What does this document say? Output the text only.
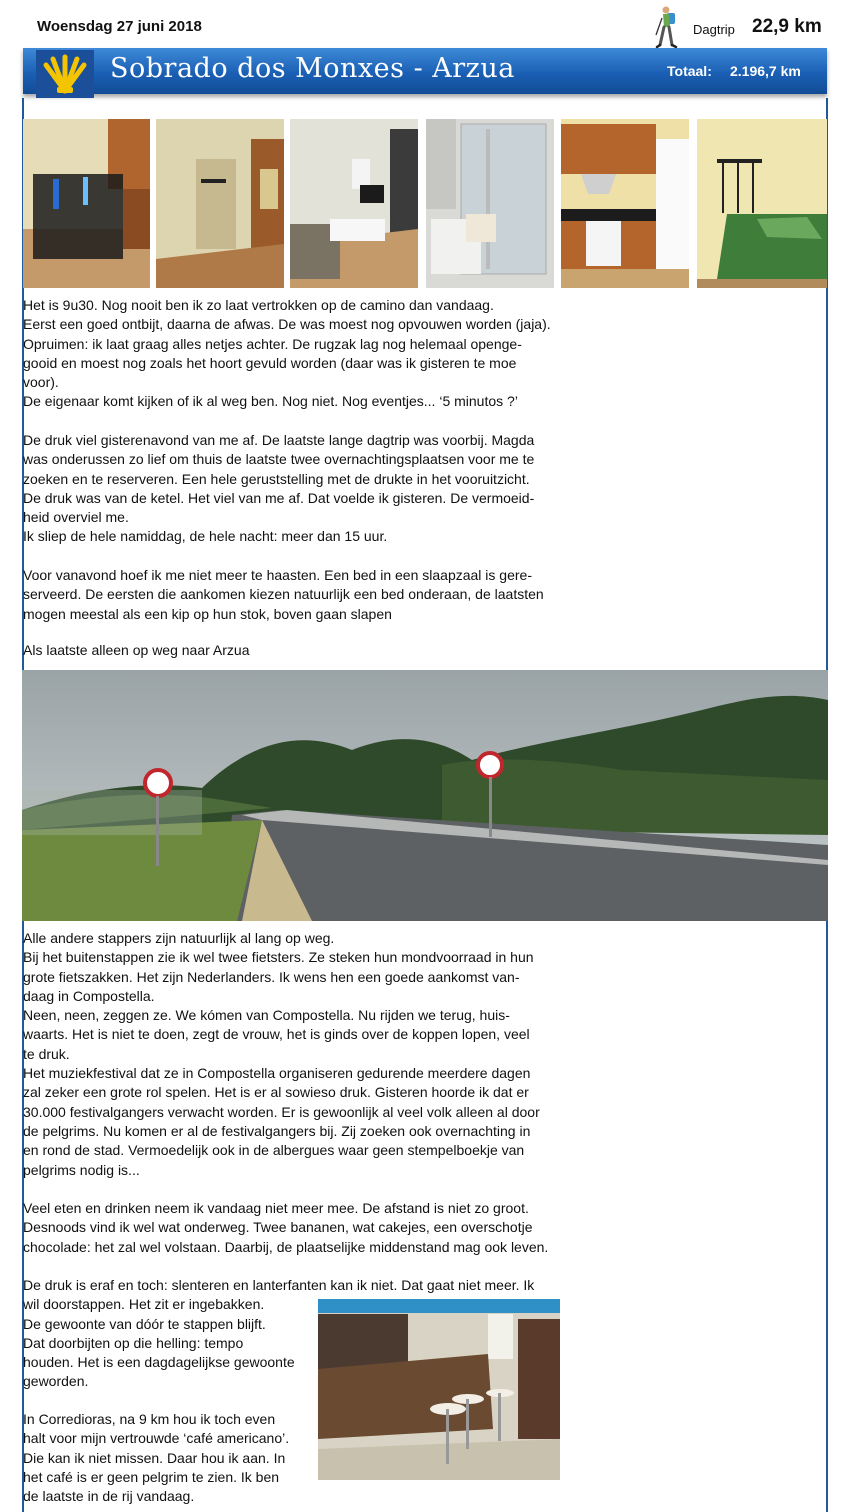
Woensdag 27 juni 2018	Dagtrip 22,9 km
Sobrado dos Monxes - Arzua	Totaal: 2.196,7 km
Het is 9u30. Nog nooit ben ik zo laat vertrokken op de camino dan vandaag.
Eerst een goed ontbijt, daarna de afwas. De was moest nog opvouwen worden (jaja).
Opruimen: ik laat graag alles netjes achter. De rugzak lag nog helemaal openge-
gooid en moest nog zoals het hoort gevuld worden (daar was ik gisteren te moe
voor).
De eigenaar komt kijken of ik al weg ben. Nog niet. Nog eventjes... ‘5 minutos ?’
De druk viel gisterenavond van me af. De laatste lange dagtrip was voorbij. Magda
was onderussen zo lief om thuis de laatste twee overnachtingsplaatsen voor me te
zoeken en te reserveren. Een hele geruststelling met de drukte in het vooruitzicht.
De druk was van de ketel. Het viel van me af. Dat voelde ik gisteren. De vermoeid-
heid overviel me.
Ik sliep de hele namiddag, de hele nacht: meer dan 15 uur.
Voor vanavond hoef ik me niet meer te haasten. Een bed in een slaapzaal is gere-
serveerd. De eersten die aankomen kiezen natuurlijk een bed onderaan, de laatsten
mogen meestal als een kip op hun stok, boven gaan slapen
Als laatste alleen op weg naar Arzua
Alle andere stappers zijn natuurlijk al lang op weg.
Bij het buitenstappen zie ik wel twee fietsters. Ze steken hun mondvoorraad in hun
grote fietszakken. Het zijn Nederlanders. Ik wens hen een goede aankomst van-
daag in Compostella.
Neen, neen, zeggen ze. We kómen van Compostella. Nu rijden we terug, huis-
waarts. Het is niet te doen, zegt de vrouw, het is ginds over de koppen lopen, veel
te druk.
Het muziekfestival dat ze in Compostella organiseren gedurende meerdere dagen
zal zeker een grote rol spelen. Het is er al sowieso druk. Gisteren hoorde ik dat er
30.000 festivalgangers verwacht worden. Er is gewoonlijk al veel volk alleen al door
de pelgrims. Nu komen er al de festivalgangers bij. Zij zoeken ook overnachting in
en rond de stad. Vermoedelijk ook in de albergues waar geen stempelboekje van
pelgrims nodig is...
Veel eten en drinken neem ik vandaag niet meer mee. De afstand is niet zo groot.
Desnoods vind ik wel wat onderweg. Twee bananen, wat cakejes, een overschotje
chocolade: het zal wel volstaan. Daarbij, de plaatselijke middenstand mag ook leven.
De druk is eraf en toch: slenteren en lanterfanten kan ik niet. Dat gaat niet meer. Ik
wil doorstappen. Het zit er ingebakken.
De gewoonte van dóór te stappen blijft.
Dat doorbijten op die helling: tempo
houden. Het is een dagdagelijkse gewoonte
geworden.
In Corredioras, na 9 km hou ik toch even
halt voor mijn vertrouwde ‘café americano’.
Die kan ik niet missen. Daar hou ik aan. In
het café is er geen pelgrim te zien. Ik ben
de laatste in de rij vandaag.
